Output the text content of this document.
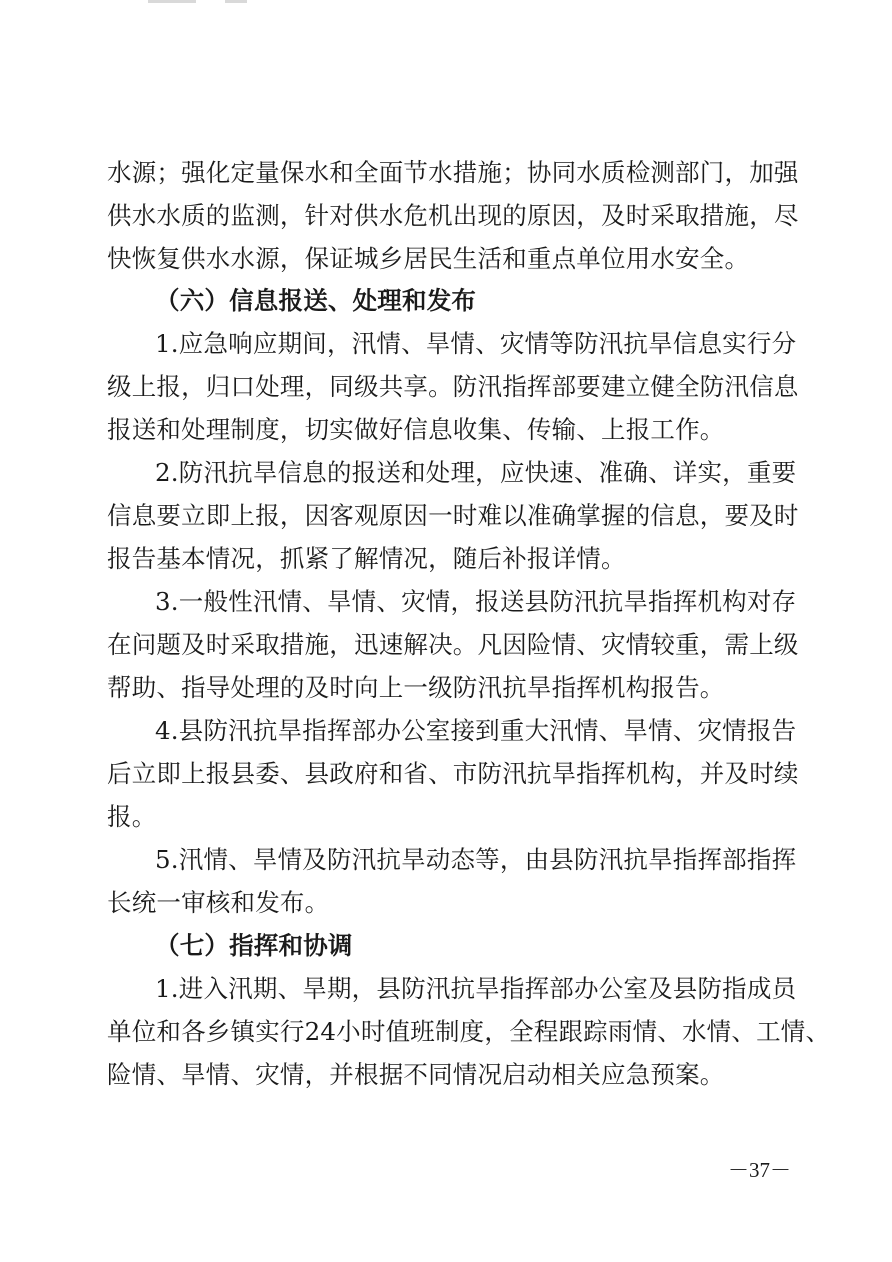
水源；强化定量保水和全面节水措施；协同水质检测部门，加强
供水水质的监测，针对供水危机出现的原因，及时采取措施，尽
快恢复供水水源，保证城乡居民生活和重点单位用水安全。
（六）信息报送、处理和发布
1.应急响应期间，汛情、旱情、灾情等防汛抗旱信息实行分
级上报，归口处理，同级共享。防汛指挥部要建立健全防汛信息
报送和处理制度，切实做好信息收集、传输、上报工作。
2.防汛抗旱信息的报送和处理，应快速、准确、详实，重要
信息要立即上报，因客观原因一时难以准确掌握的信息，要及时
报告基本情况，抓紧了解情况，随后补报详情。
3.一般性汛情、旱情、灾情，报送县防汛抗旱指挥机构对存
在问题及时采取措施，迅速解决。凡因险情、灾情较重，需上级
帮助、指导处理的及时向上一级防汛抗旱指挥机构报告。
4.县防汛抗旱指挥部办公室接到重大汛情、旱情、灾情报告
后立即上报县委、县政府和省、市防汛抗旱指挥机构，并及时续
报。
5.汛情、旱情及防汛抗旱动态等，由县防汛抗旱指挥部指挥
长统一审核和发布。
（七）指挥和协调
1.进入汛期、旱期，县防汛抗旱指挥部办公室及县防指成员
单位和各乡镇实行24小时值班制度，全程跟踪雨情、水情、工情、
险情、旱情、灾情，并根据不同情况启动相关应急预案。
－37－
